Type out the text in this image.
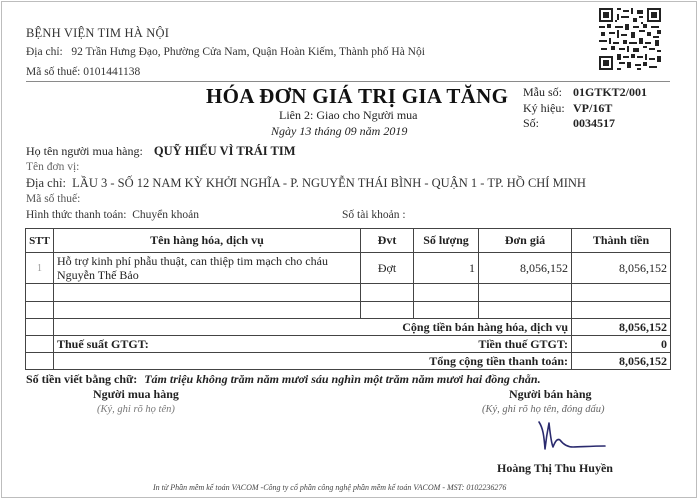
BỆNH VIỆN TIM HÀ NỘI
Địa chỉ: 92 Trần Hưng Đạo, Phường Cửa Nam, Quận Hoàn Kiếm, Thành phố Hà Nội
Mã số thuế: 0101441138
HÓA ĐƠN GIÁ TRỊ GIA TĂNG
Liên 2: Giao cho Người mua
Ngày 13 tháng 09 năm 2019
Mẫu số: 01GTKT2/001
Ký hiệu: VP/16T
Số:	0034517
Họ tên người mua hàng: QUỸ HIẾU VÌ TRÁI TIM
Tên đơn vị:
Địa chỉ: LẦU 3 - SỐ 12 NAM KỲ KHỞI NGHĨA - P. NGUYỄN THÁI BÌNH - QUẬN 1 - TP. HỒ CHÍ MINH
Mã số thuế:
Hình thức thanh toán: Chuyển khoản	Số tài khoản :
STT	Tên hàng hóa, dịch vụ	Đvt	Số lượng	Đơn giá	Thành tiền
1	Hỗ trợ kinh phí phẫu thuật, can thiệp tim mạch cho cháu Nguyễn Thế Bảo	Đợt	1	8,056,152	8,056,152

	Cộng tiền bán hàng hóa, dịch vụ				8,056,152

	Thuế suất GTGT: Tiền thuế GTGT:				0
	Tổng cộng tiền thanh toán:				8,056,152
Số tiền viết bằng chữ: Tám triệu không trăm năm mươi sáu nghìn một trăm năm mươi hai đồng chẵn.
Người mua hàng
(Ký, ghi rõ họ tên)
Người bán hàng
(Ký, ghi rõ họ tên, đóng dấu)
Hoàng Thị Thu Huyền
In từ Phần mềm kế toán VACOM -Công ty cổ phần công nghệ phần mềm kế toán VACOM - MST: 0102236276
